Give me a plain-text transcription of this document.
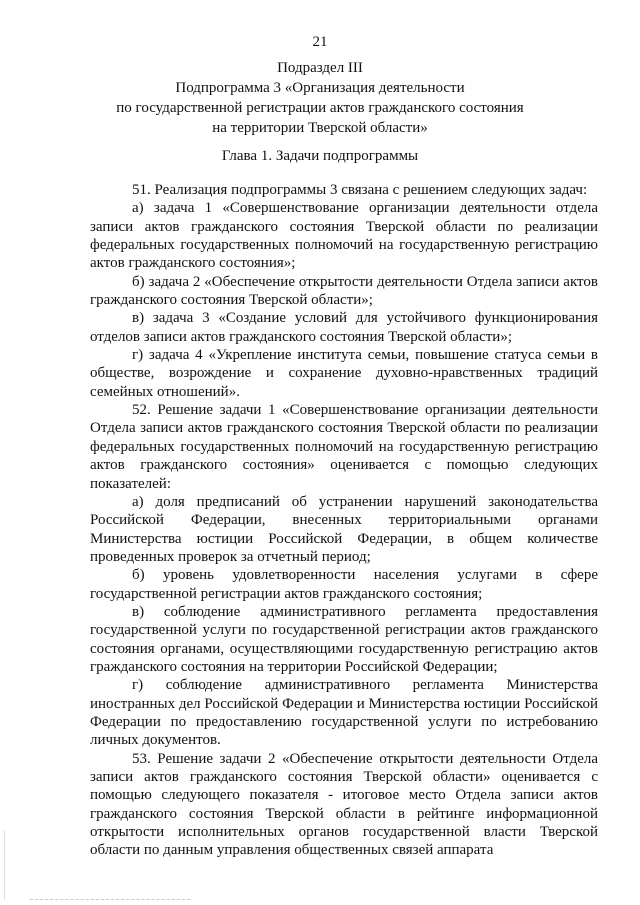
21
Подраздел III
Подпрограмма 3 «Организация деятельности
по государственной регистрации актов гражданского состояния
на территории Тверской области»
Глава 1. Задачи подпрограммы

51. Реализация подпрограммы 3 связана с решением следующих задач:

а) задача 1 «Совершенствование организации деятельности отдела записи актов гражданского состояния Тверской области по реализации федеральных государственных полномочий на государственную регистрацию актов гражданского состояния»;

б) задача 2 «Обеспечение открытости деятельности Отдела записи актов гражданского состояния Тверской области»;

в) задача 3 «Создание условий для устойчивого функционирования отделов записи актов гражданского состояния Тверской области»;

г) задача 4 «Укрепление института семьи, повышение статуса семьи в обществе, возрождение и сохранение духовно-нравственных традиций семейных отношений».

52. Решение задачи 1 «Совершенствование организации деятельности Отдела записи актов гражданского состояния Тверской области по реализации федеральных государственных полномочий на государственную регистрацию актов гражданского состояния» оценивается с помощью следующих показателей:

а) доля предписаний об устранении нарушений законодательства Российской Федерации, внесенных территориальными органами Министерства юстиции Российской Федерации, в общем количестве проведенных проверок за отчетный период;

б) уровень удовлетворенности населения услугами в сфере государственной регистрации актов гражданского состояния;

в) соблюдение административного регламента предоставления государственной услуги по государственной регистрации актов гражданского состояния органами, осуществляющими государственную регистрацию актов гражданского состояния на территории Российской Федерации;

г) соблюдение административного регламента Министерства иностранных дел Российской Федерации и Министерства юстиции Российской Федерации по предоставлению государственной услуги по истребованию личных документов.

53. Решение задачи 2 «Обеспечение открытости деятельности Отдела записи актов гражданского состояния Тверской области» оценивается с помощью следующего показателя - итоговое место Отдела записи актов гражданского состояния Тверской области в рейтинге информационной открытости исполнительных органов государственной власти Тверской области по данным управления общественных связей аппарата
